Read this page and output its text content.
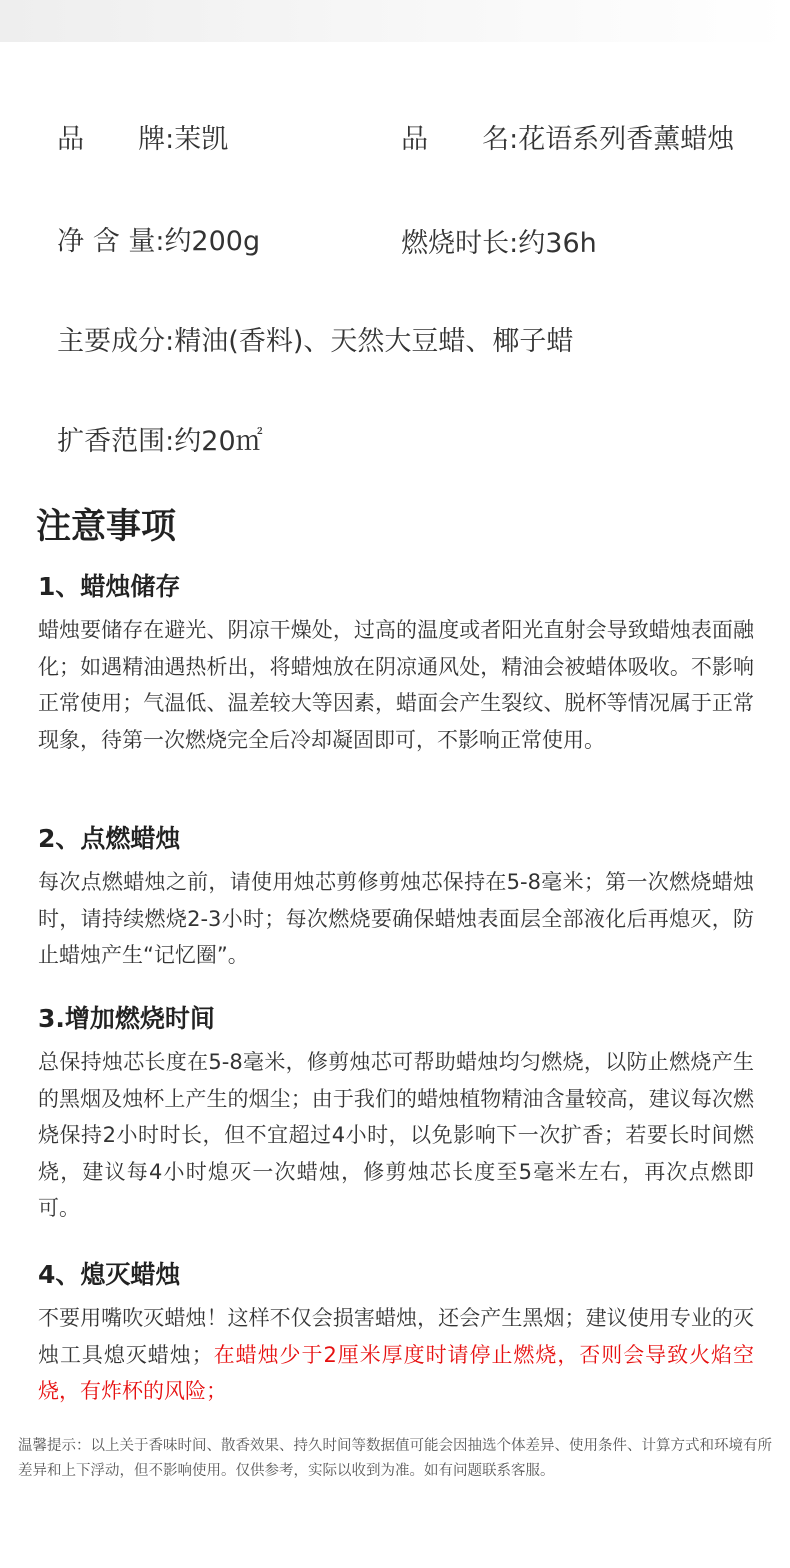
品　　牌:茉凯	品　　名:花语系列香薰蜡烛

净 含 量:约200g	燃烧时长:约36h

主要成分:精油(香料)、天然大豆蜡、椰子蜡

扩香范围:约20㎡

注意事项
1、蜡烛储存

蜡烛要储存在避光、阴凉干燥处，过高的温度或者阳光直射会导致蜡烛表面融化；如遇精油遇热析出，将蜡烛放在阴凉通风处，精油会被蜡体吸收。不影响正常使用；气温低、温差较大等因素，蜡面会产生裂纹、脱杯等情况属于正常现象，待第一次燃烧完全后冷却凝固即可，不影响正常使用。

2、点燃蜡烛

每次点燃蜡烛之前，请使用烛芯剪修剪烛芯保持在5-8毫米；第一次燃烧蜡烛时，请持续燃烧2-3小时；每次燃烧要确保蜡烛表面层全部液化后再熄灭，防止蜡烛产生“记忆圈”。

3.增加燃烧时间

总保持烛芯长度在5-8毫米，修剪烛芯可帮助蜡烛均匀燃烧，以防止燃烧产生的黑烟及烛杯上产生的烟尘；由于我们的蜡烛植物精油含量较高，建议每次燃烧保持2小时时长，但不宜超过4小时，以免影响下一次扩香；若要长时间燃烧，建议每4小时熄灭一次蜡烛，修剪烛芯长度至5毫米左右，再次点燃即可。

4、熄灭蜡烛

不要用嘴吹灭蜡烛！这样不仅会损害蜡烛，还会产生黑烟；建议使用专业的灭烛工具熄灭蜡烛；在蜡烛少于2厘米厚度时请停止燃烧，否则会导致火焰空烧，有炸杯的风险；

温馨提示：以上关于香味时间、散香效果、持久时间等数据值可能会因抽选个体差异、使用条件、计算方式和环境有所差异和上下浮动，但不影响使用。仅供参考，实际以收到为准。如有问题联系客服。
